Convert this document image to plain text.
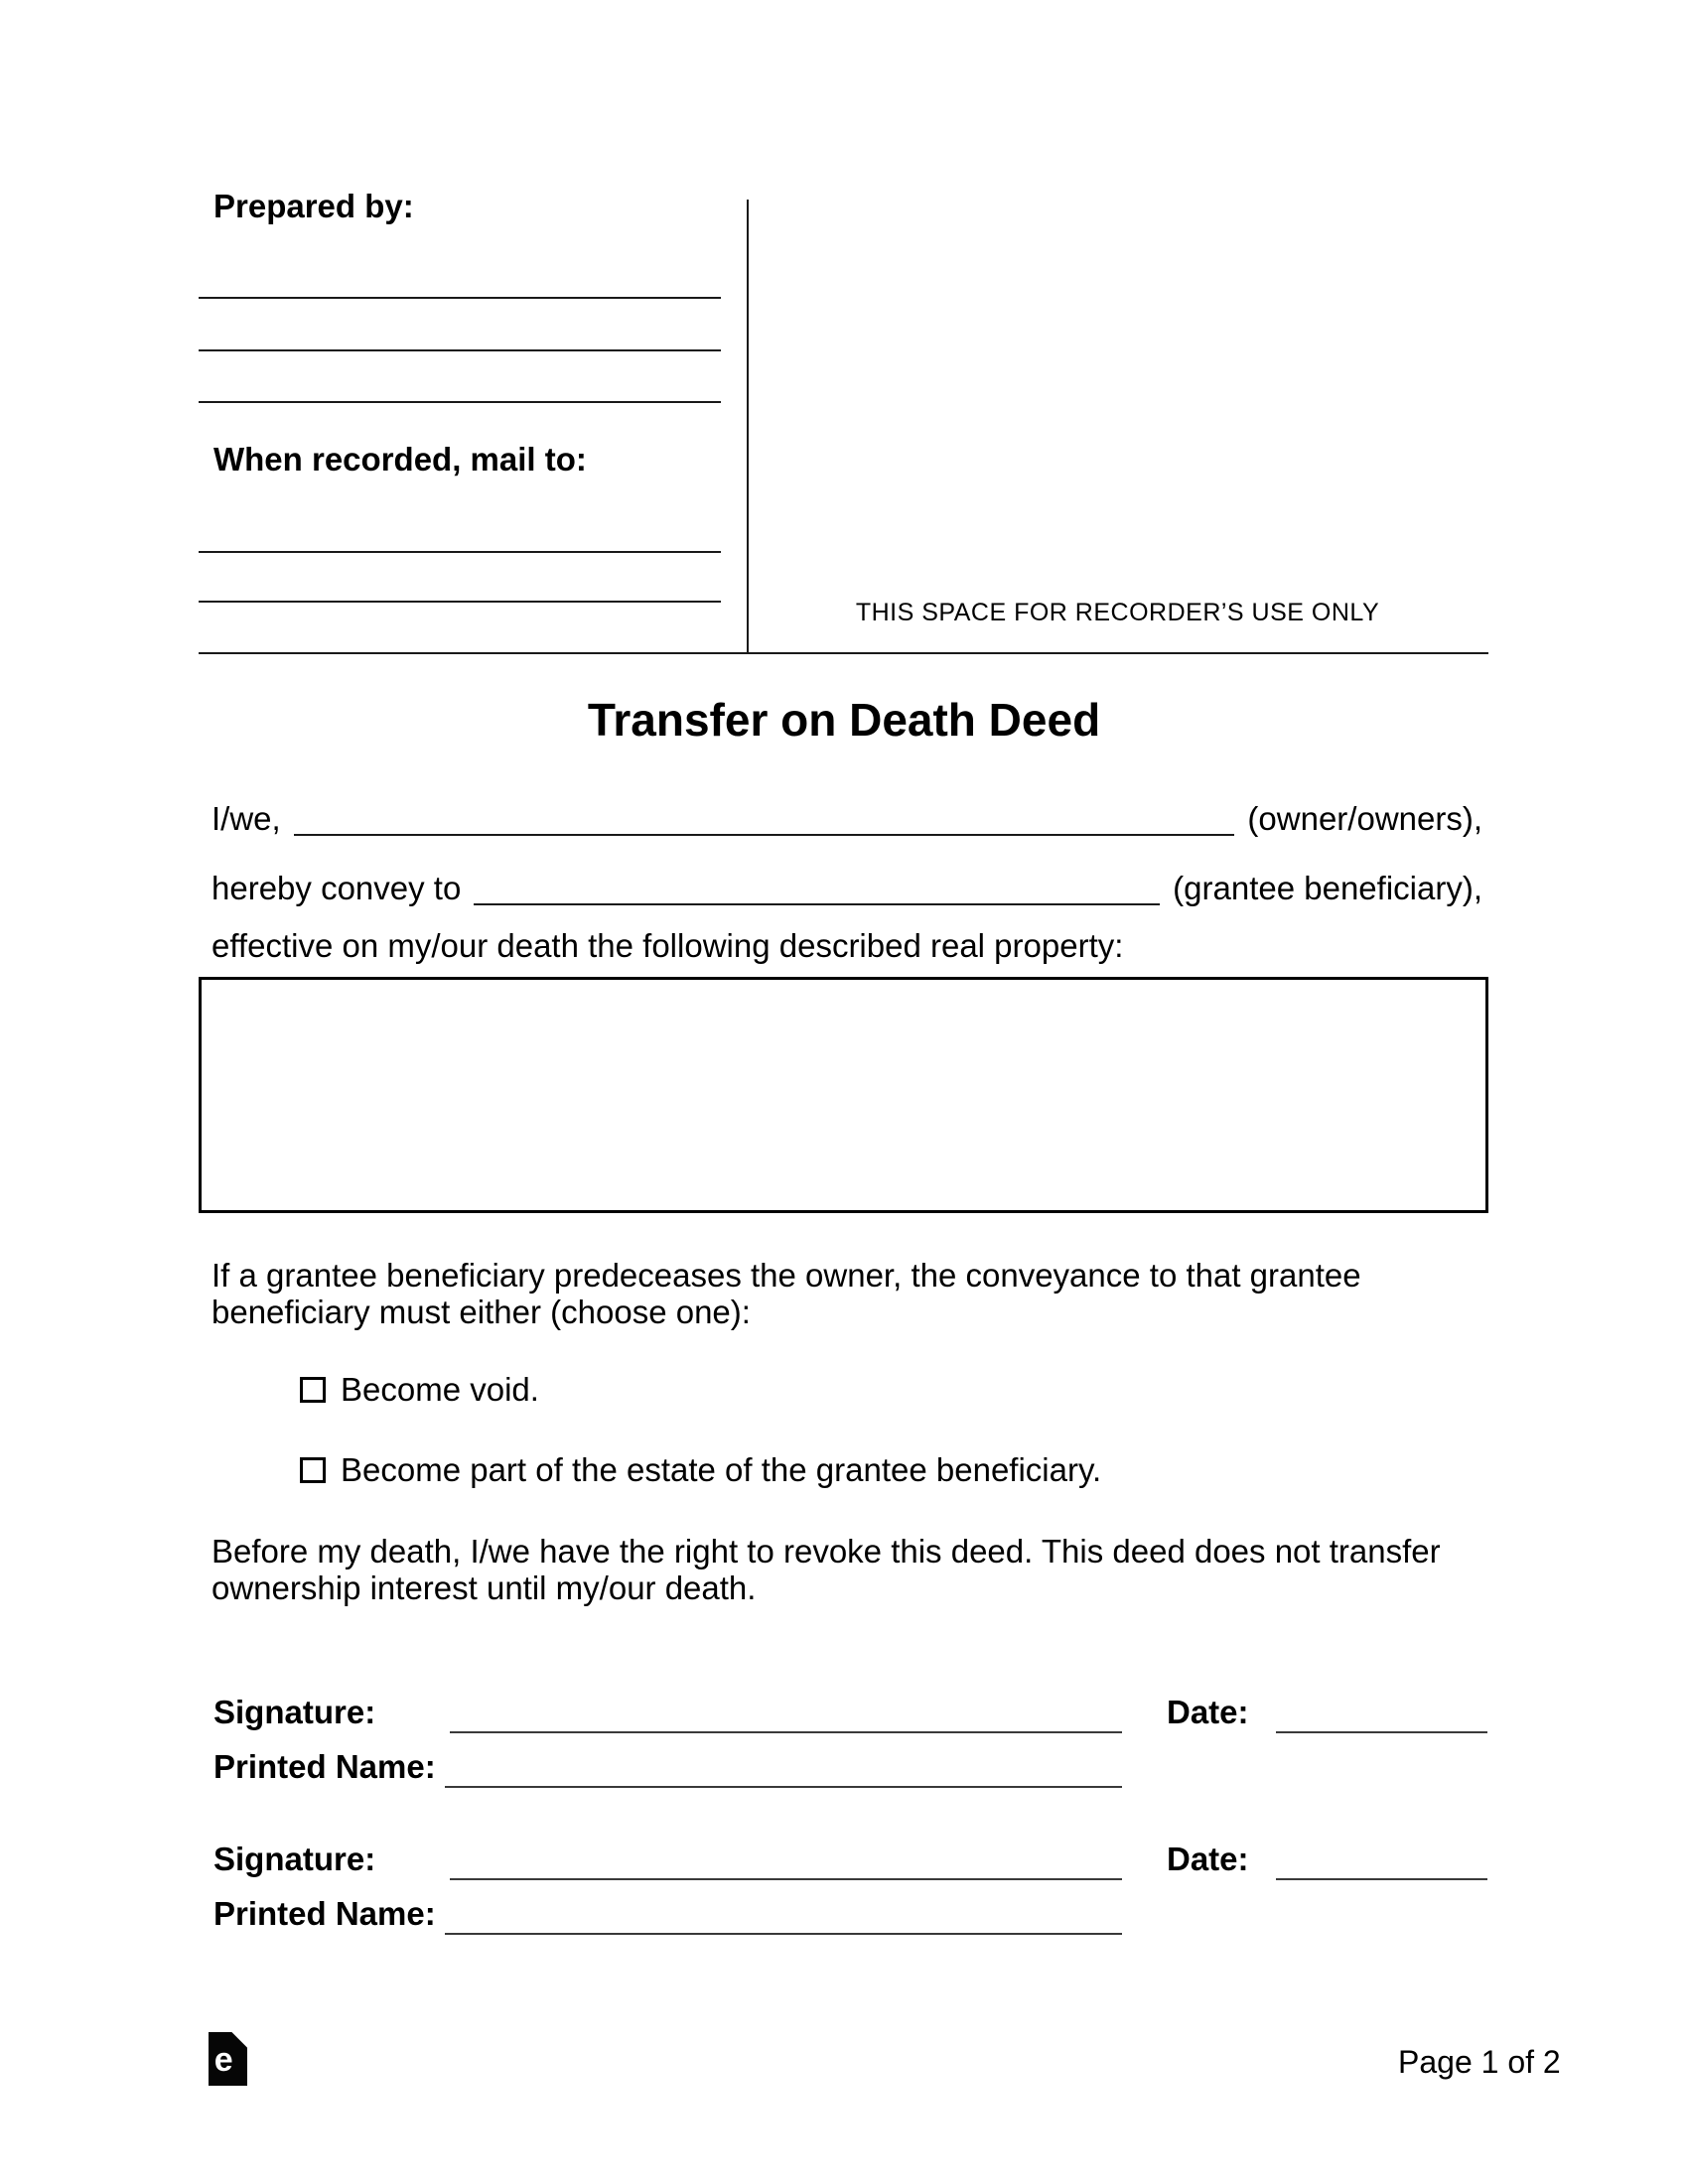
Prepared by:
When recorded, mail to:
THIS SPACE FOR RECORDER’S USE ONLY
Transfer on Death Deed
I/we,	(owner/owners),
hereby convey to	(grantee beneficiary),
effective on my/our death the following described real property:
If a grantee beneficiary predeceases the owner, the conveyance to that grantee beneficiary must either (choose one):
Become void.
Become part of the estate of the grantee beneficiary.
Before my death, I/we have the right to revoke this deed. This deed does not transfer ownership interest until my/our death.
Signature:	Date:
Printed Name:
Signature:	Date:
Printed Name:
e	Page 1 of 2
